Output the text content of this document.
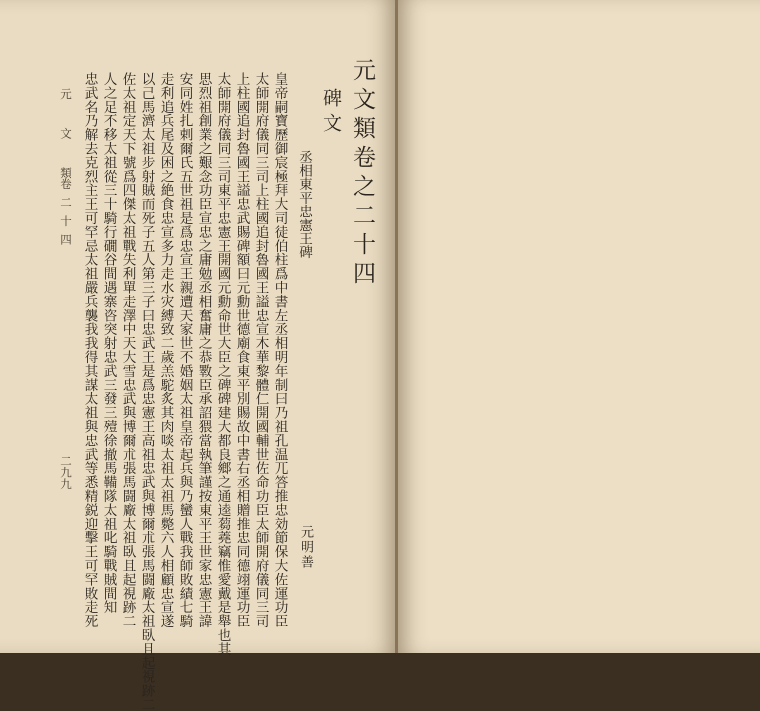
元 文 類
卷二十四
二九九 忠武名乃解去克烈主王可罕忌太祖嚴兵襲我我得其謀太祖與忠武等悉精鋭迎擊王可罕敗走死 人之足不移太祖從三十騎行礀谷間遇寨咨突射忠武三發三殪徐撤馬鞴隊太祖叱騎戰賊間知 佐太祖定天下號爲四傑太祖戰失利單走澤中天大雪忠武與博爾朮張馬闘廠太祖臥且起視跡二 以己馬濟太祖步射賊而死子五人第三子曰忠武王是爲忠憲王高祖忠武與博爾朮張馬闘廠太祖臥且起視跡二 走利追兵尾及困之絶食忠宣多力走水灾縛致二歲羔駝炙其肉啖太祖太祖馬斃六人相顧忠宣遂 安同姓扎剌爾氏五世祖是爲忠宣王親遭天家世不婚姻太祖皇帝起兵與乃蠻人戰我師敗績七騎 思烈祖創業之艱念功臣宣忠之庸勉丞相奮庸之恭斁臣承詔猥當執筆謹按東平王世家忠憲王諱 太師開府儀同三司東平忠憲王開國元勳命世大臣之碑碑建大都良鄉之通逵蒭蕘竊惟愛戴是舉也其 上柱國追封魯國王謚忠武賜碑額曰元勳世德廟食東平別賜故中書右丞相贈推忠同德翊運功臣 太師開府儀同三司上柱國追封魯國王謚忠宣木華黎體仁開國輔世佐命功臣太師開府儀同三司 皇帝嗣寶歷御宸極拜大司徒伯柱爲中書左丞相明年制曰乃祖孔温兀答推忠効節保大佐運功臣 丞相東平忠憲王碑
元明善
碑文 元文類卷之二十四
